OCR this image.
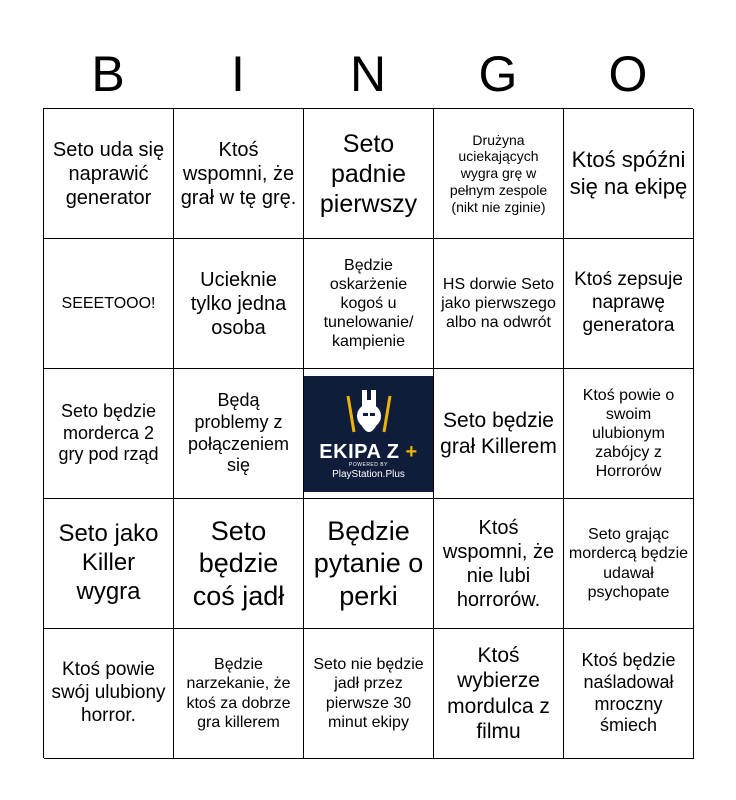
B	I	N	G	O
Seto uda się naprawić generator
Ktoś wspomni, że grał w tę grę.
Seto padnie pierwszy
Drużyna uciekających wygra grę w pełnym zespole (nikt nie zginie)
Ktoś spóźni się na ekipę
SEEETOOO!
Ucieknie tylko jedna osoba
Będzie oskarżenie kogoś u tunelowanie/ kampienie
HS dorwie Seto jako pierwszego albo na odwrót
Ktoś zepsuje naprawę generatora
Seto będzie morderca 2 gry pod rząd
Będą problemy z połączeniem się
EKIPA Z +
POWERED BY
PlayStation.Plus
Seto będzie grał Killerem
Ktoś powie o swoim ulubionym zabójcy z Horrorów
Seto jako Killer wygra
Seto będzie coś jadł
Będzie pytanie o perki
Ktoś wspomni, że nie lubi horrorów.
Seto grając mordercą będzie udawał psychopate
Ktoś powie swój ulubiony horror.
Będzie narzekanie, że ktoś za dobrze gra killerem
Seto nie będzie jadł przez pierwsze 30 minut ekipy
Ktoś wybierze mordulca z filmu
Ktoś będzie naśladował mroczny śmiech
